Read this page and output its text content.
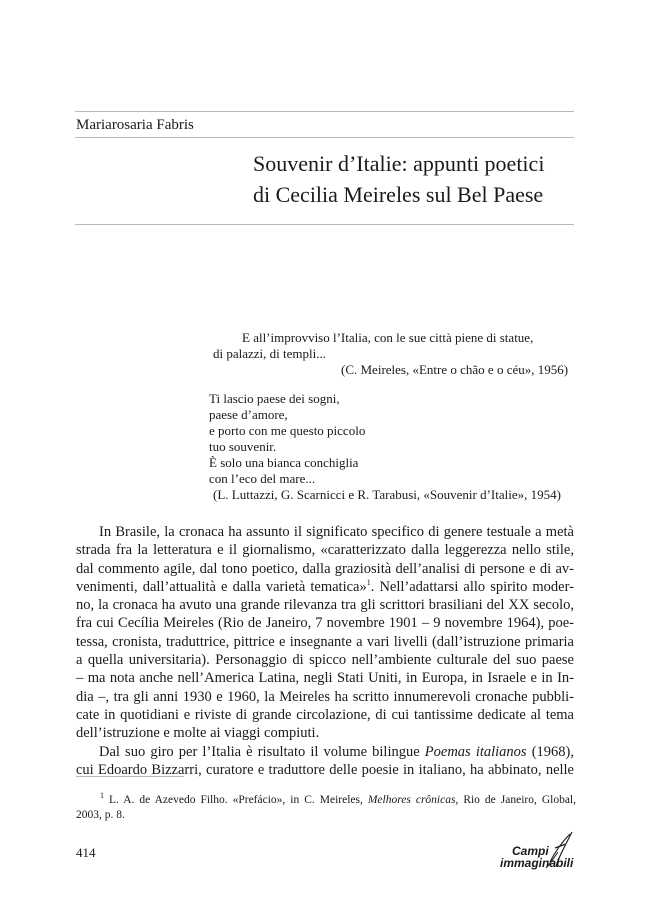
Mariarosaria Fabris
Souvenir d’Italie: appunti poetici
di Cecilia Meireles sul Bel Paese
E all’improvviso l’Italia, con le sue città piene di statue,
di palazzi, di templi...
(C. Meireles, «Entre o chão e o céu», 1956)
Ti lascio paese dei sogni,
paese d’amore,
e porto con me questo piccolo
tuo souvenir.
È solo una bianca conchiglia
con l’eco del mare...
(L. Luttazzi, G. Scarnicci e R. Tarabusi, «Souvenir d’Italie», 1954)
In Brasile, la cronaca ha assunto il significato specifico di genere testuale a metà
strada fra la letteratura e il giornalismo, «caratterizzato dalla leggerezza nello stile,
dal commento agile, dal tono poetico, dalla graziosità dell’analisi di persone e di av-
venimenti, dall’attualità e dalla varietà tematica»$^1$. Nell’adattarsi allo spirito moder-
no, la cronaca ha avuto una grande rilevanza tra gli scrittori brasiliani del XX secolo,
fra cui Cecília Meireles (Rio de Janeiro, 7 novembre 1901 – 9 novembre 1964), poe-
tessa, cronista, traduttrice, pittrice e insegnante a vari livelli (dall’istruzione primaria
a quella universitaria). Personaggio di spicco nell’ambiente culturale del suo paese
– ma nota anche nell’America Latina, negli Stati Uniti, in Europa, in Israele e in In-
dia –, tra gli anni 1930 e 1960, la Meireles ha scritto innumerevoli cronache pubbli-
cate in quotidiani e riviste di grande circolazione, di cui tantissime dedicate al tema
dell’istruzione e molte ai viaggi compiuti.
Dal suo giro per l’Italia è risultato il volume bilingue Poemas italianos (1968),
cui Edoardo Bizzarri, curatore e traduttore delle poesie in italiano, ha abbinato, nelle
$^1$ L. A. de Azevedo Filho. «Prefácio», in C. Meireles, Melhores crônicas, Rio de Janeiro, Global,
2003, p. 8.
414	Campi
immaginabili
